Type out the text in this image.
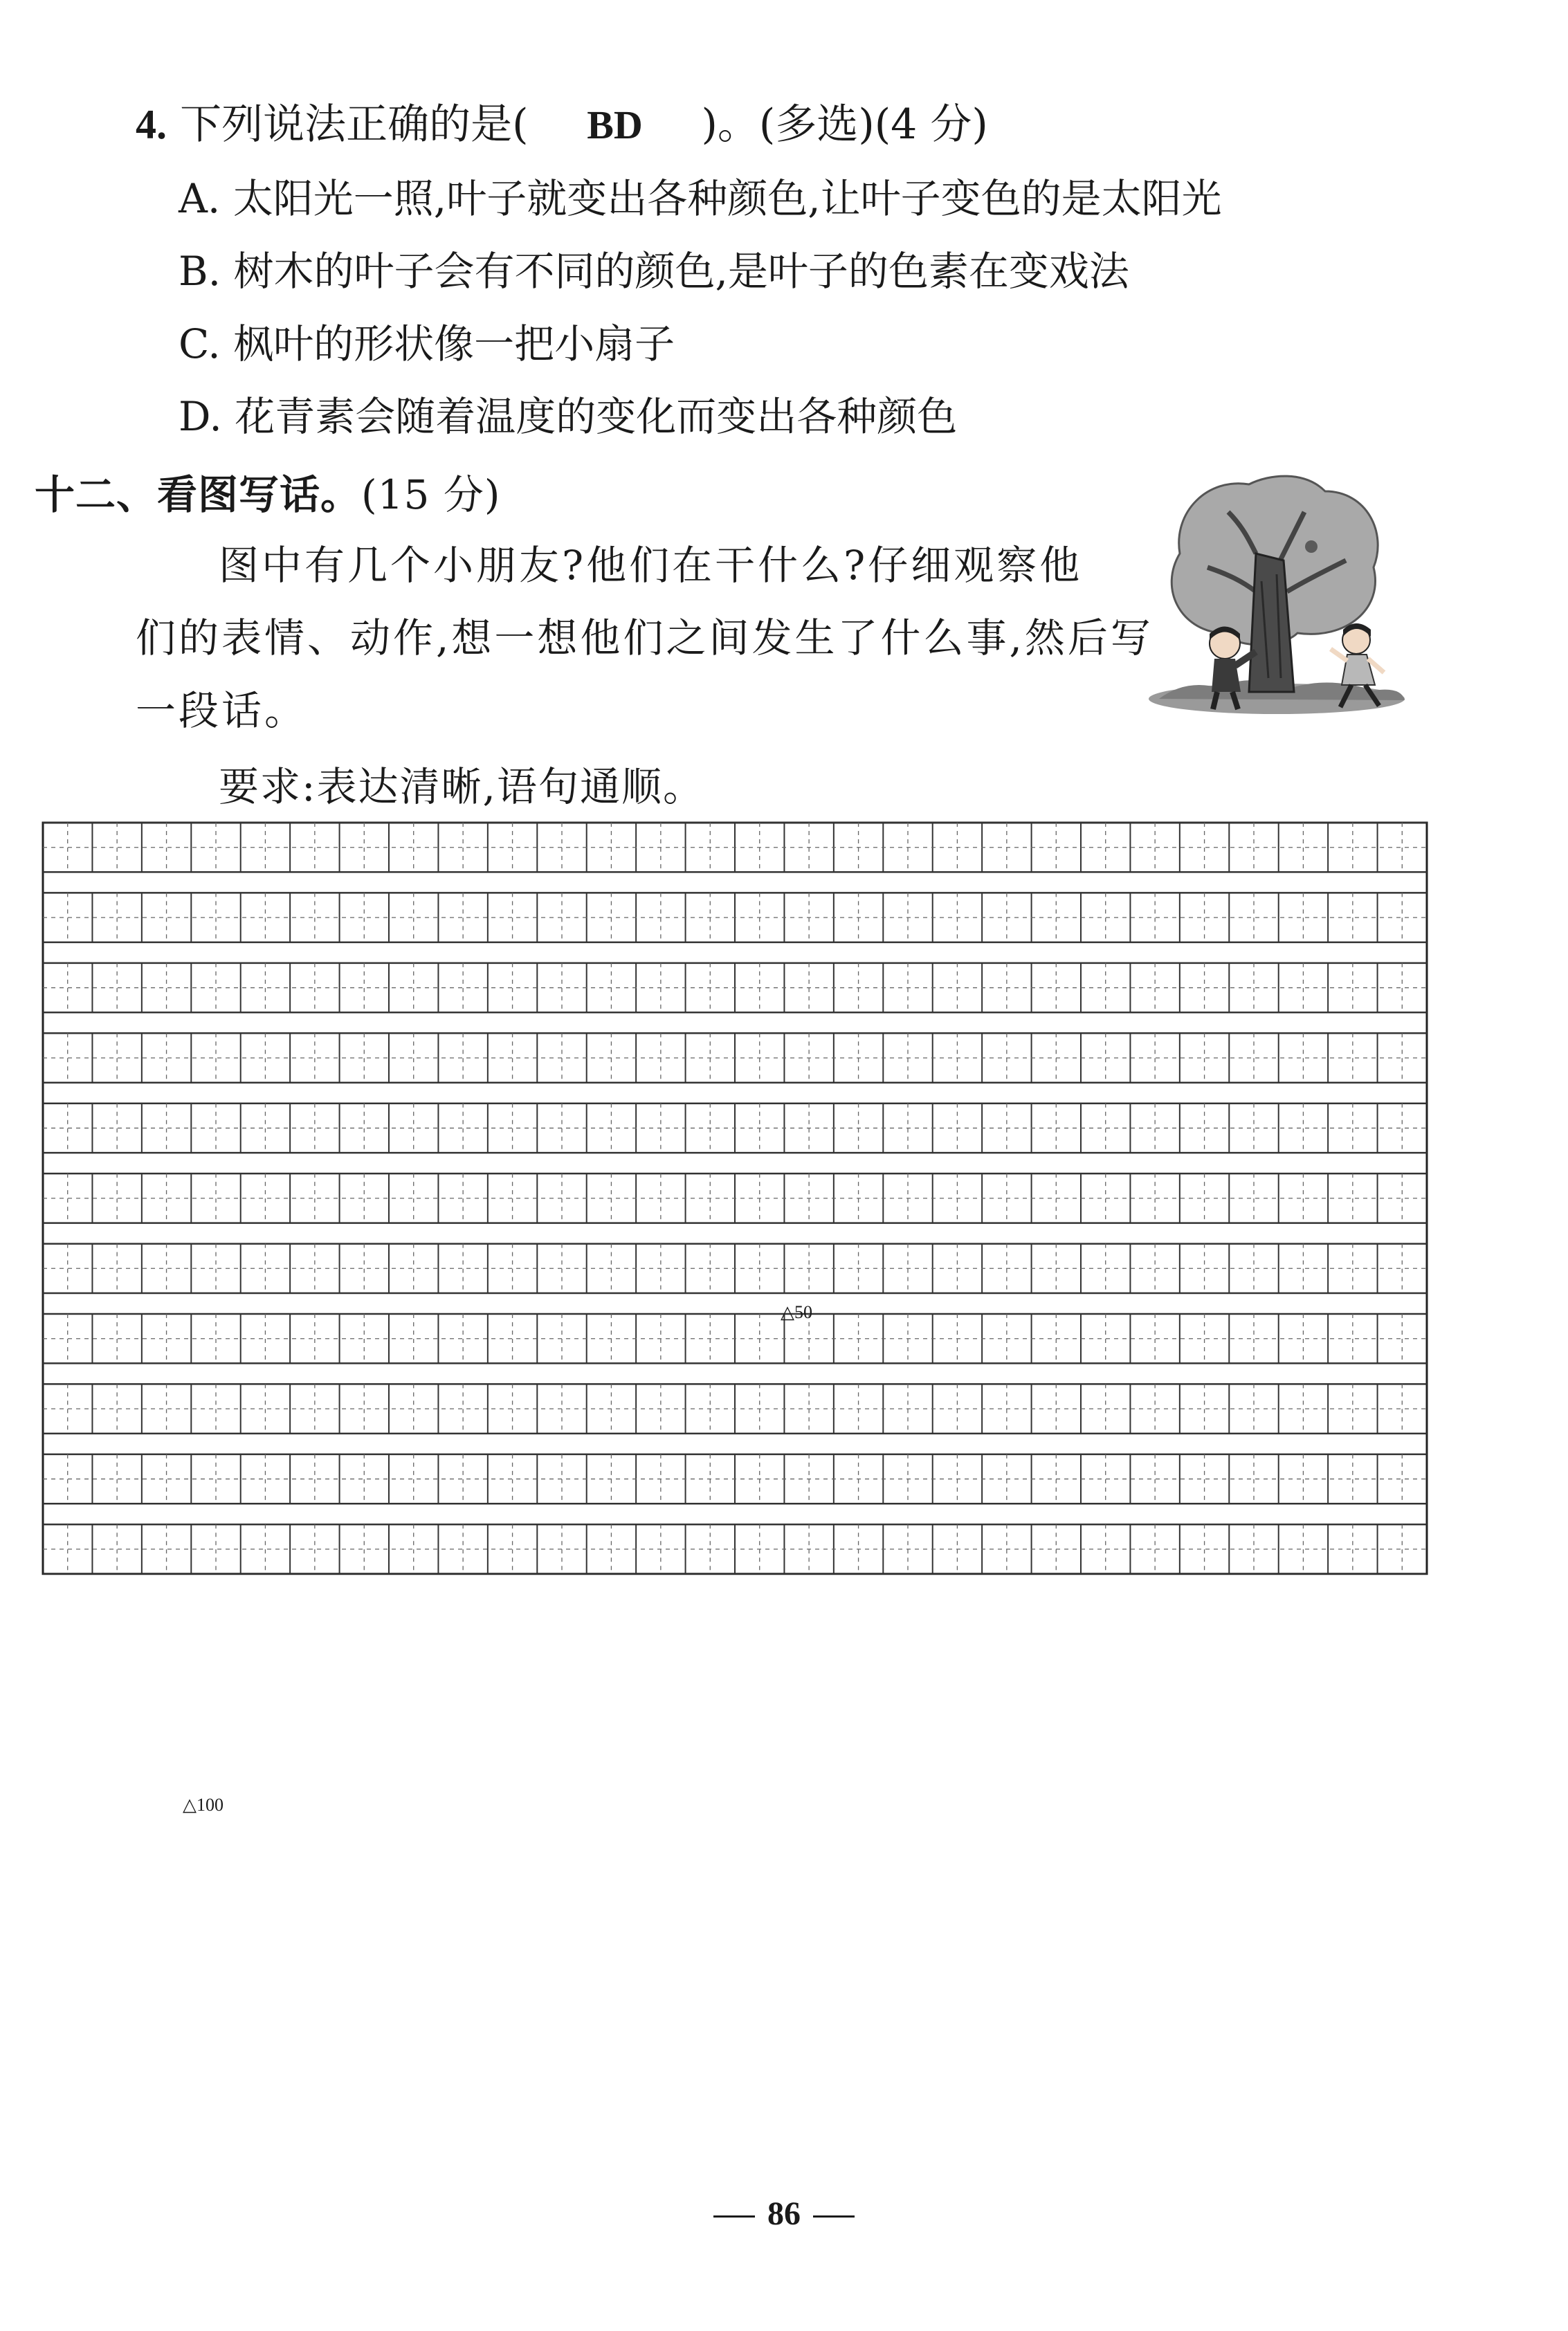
4. 下列说法正确的是( BD )。(多选)(4 分)
A. 太阳光一照,叶子就变出各种颜色,让叶子变色的是太阳光
B. 树木的叶子会有不同的颜色,是叶子的色素在变戏法
C. 枫叶的形状像一把小扇子
D. 花青素会随着温度的变化而变出各种颜色
十二、看图写话。(15 分)
图中有几个小朋友?他们在干什么?仔细观察他
们的表情、动作,想一想他们之间发生了什么事,然后写
一段话。
要求:表达清晰,语句通顺。
△50
△100
86
